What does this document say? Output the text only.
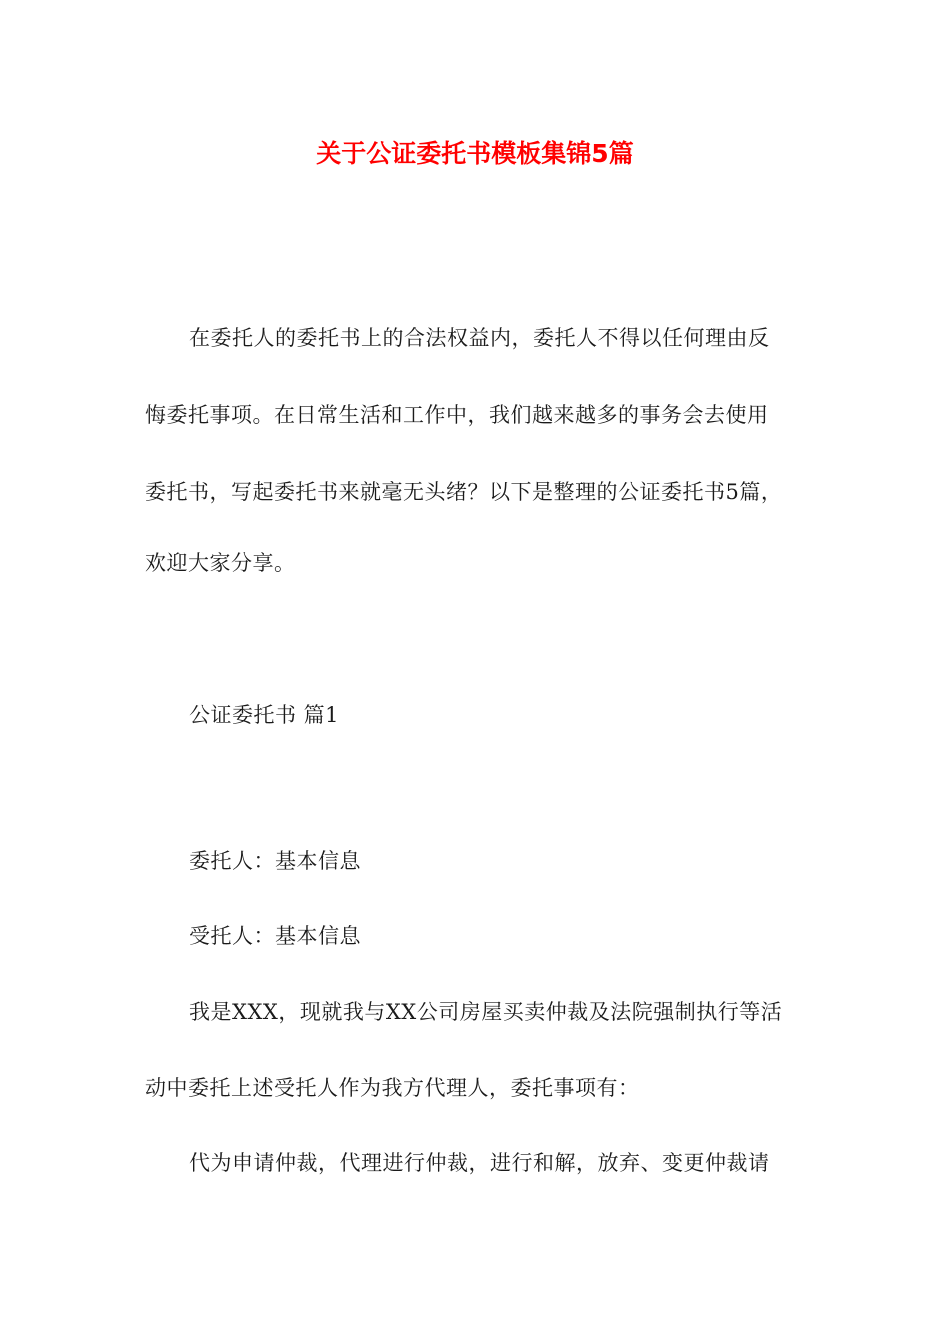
关于公证委托书模板集锦5篇
在委托人的委托书上的合法权益内，委托人不得以任何理由反
悔委托事项。在日常生活和工作中，我们越来越多的事务会去使用
委托书，写起委托书来就毫无头绪？以下是整理的公证委托书5篇，
欢迎大家分享。
公证委托书 篇1
委托人：基本信息
受托人：基本信息
我是XXX，现就我与XX公司房屋买卖仲裁及法院强制执行等活
动中委托上述受托人作为我方代理人，委托事项有：
代为申请仲裁，代理进行仲裁，进行和解，放弃、变更仲裁请
